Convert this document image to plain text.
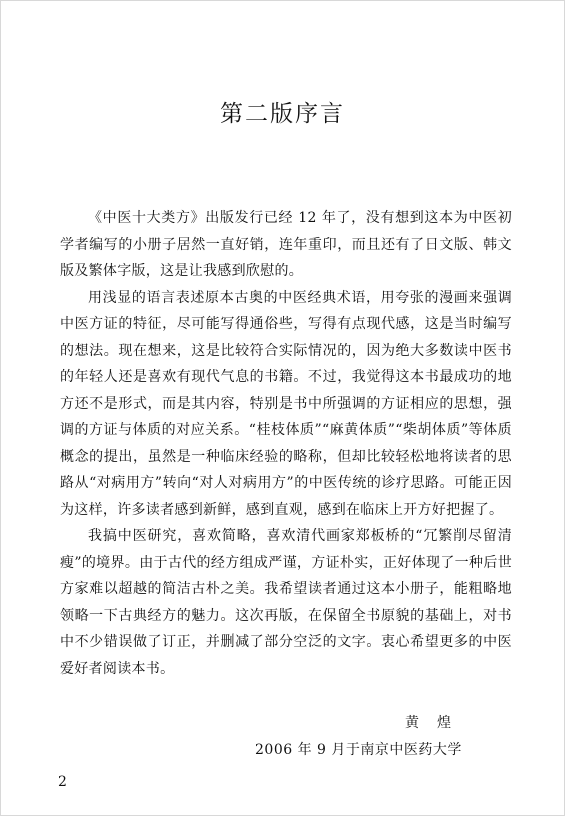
第二版序言

《中医十大类方》出版发行已经 12 年了，没有想到这本为中医初学者编写的小册子居然一直好销，连年重印，而且还有了日文版、韩文版及繁体字版，这是让我感到欣慰的。

用浅显的语言表述原本古奥的中医经典术语，用夸张的漫画来强调中医方证的特征，尽可能写得通俗些，写得有点现代感，这是当时编写的想法。现在想来，这是比较符合实际情况的，因为绝大多数读中医书的年轻人还是喜欢有现代气息的书籍。不过，我觉得这本书最成功的地方还不是形式，而是其内容，特别是书中所强调的方证相应的思想，强调的方证与体质的对应关系。“桂枝体质”“麻黄体质”“柴胡体质”等体质概念的提出，虽然是一种临床经验的略称，但却比较轻松地将读者的思路从“对病用方”转向“对人对病用方”的中医传统的诊疗思路。可能正因为这样，许多读者感到新鲜，感到直观，感到在临床上开方好把握了。

我搞中医研究，喜欢简略，喜欢清代画家郑板桥的“冗繁削尽留清瘦”的境界。由于古代的经方组成严谨，方证朴实，正好体现了一种后世方家难以超越的简洁古朴之美。我希望读者通过这本小册子，能粗略地领略一下古典经方的魅力。这次再版，在保留全书原貌的基础上，对书中不少错误做了订正，并删减了部分空泛的文字。衷心希望更多的中医爱好者阅读本书。

黄煌
2006 年 9 月于南京中医药大学
2
